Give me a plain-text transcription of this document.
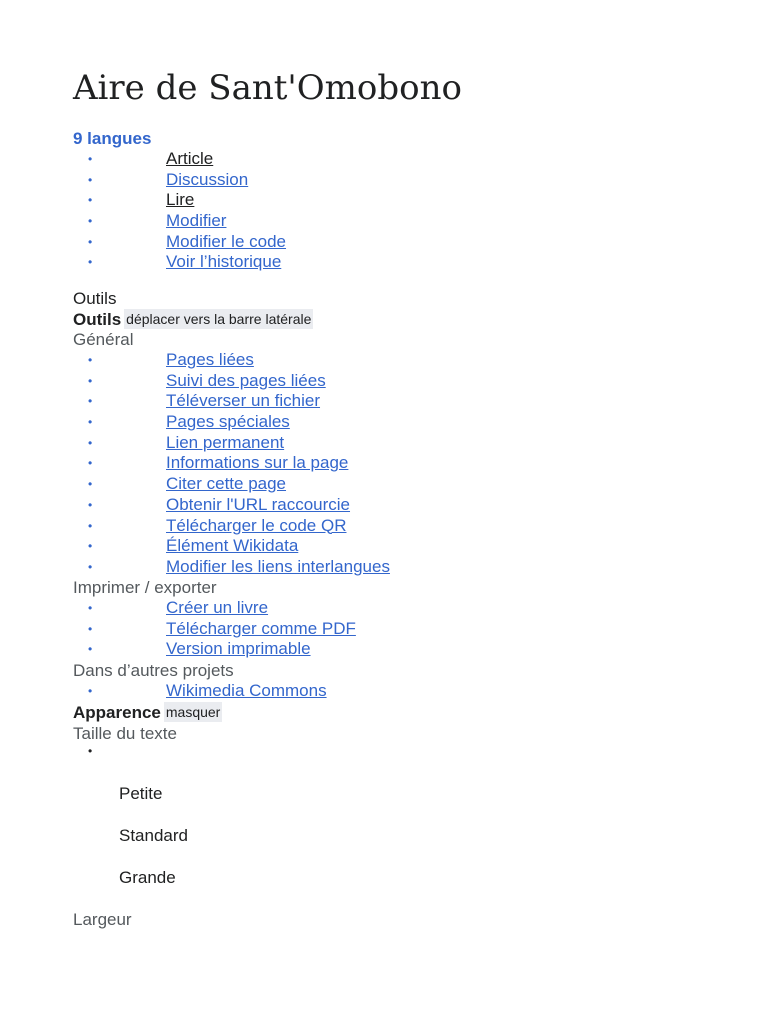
Aire de Sant'Omobono
9 langues
•	Article
•	Discussion
•	Lire
•	Modifier
•	Modifier le code
•	Voir l’historique
Outils
Outils déplacer vers la barre latérale
Général
•	Pages liées
•	Suivi des pages liées
•	Téléverser un fichier
•	Pages spéciales
•	Lien permanent
•	Informations sur la page
•	Citer cette page
•	Obtenir l'URL raccourcie
•	Télécharger le code QR
•	Élément Wikidata
•	Modifier les liens interlangues
Imprimer / exporter
•	Créer un livre
•	Télécharger comme PDF
•	Version imprimable
Dans d’autres projets
•	Wikimedia Commons
Apparence masquer
Taille du texte
•
Petite
Standard
Grande
Largeur
